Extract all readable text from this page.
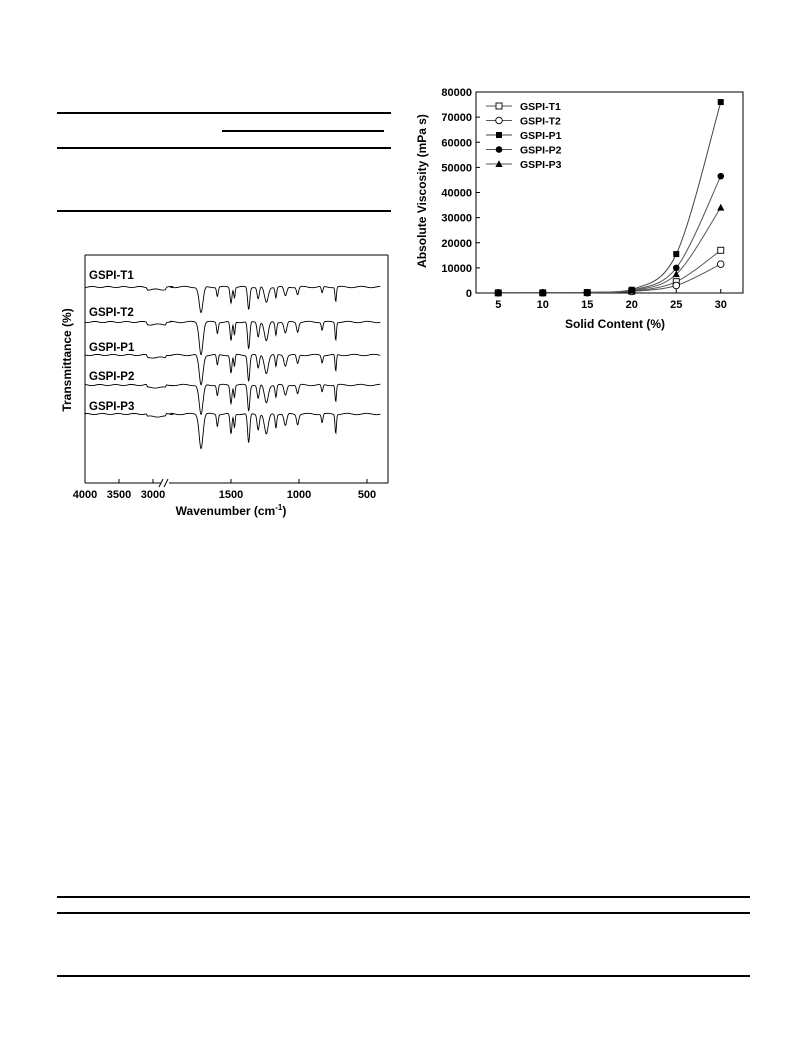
GSPI-T1
GSPI-T2
GSPI-P1
GSPI-P2
GSPI-P3
4000 3500 3000	1500	1000	500
Wavenumber $(cm^{-1})$
Transmittance (%)
0
10000
20000
30000
40000
50000
60000
70000
80000
5	10	15	20	25	30
GSPI-T1
GSPI-T2
GSPI-P1
GSPI-P2
GSPI-P3
Solid Content (%)
Absolute Viscosity (mPa s)
